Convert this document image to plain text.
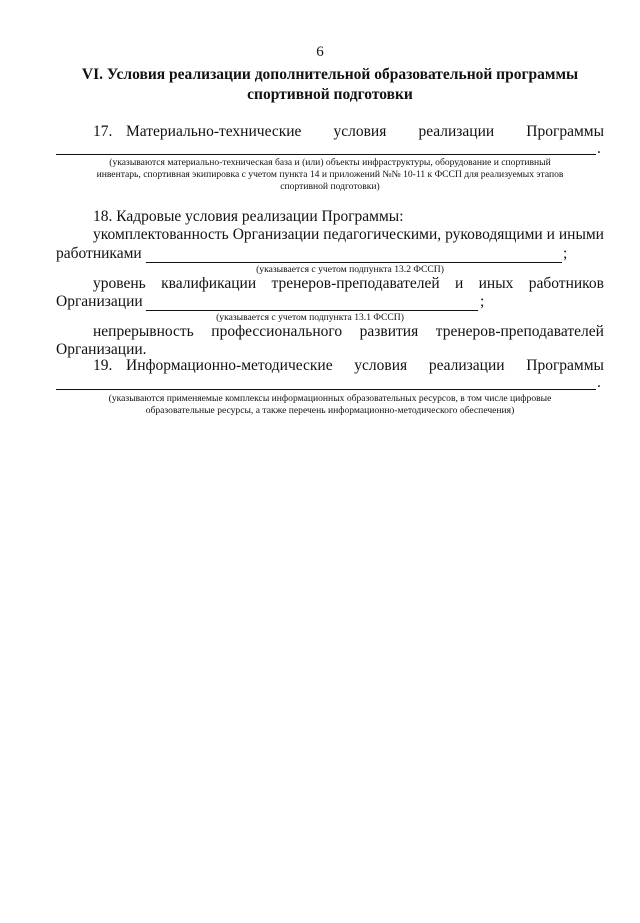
6
VI. Условия реализации дополнительной образовательной программы
спортивной подготовки
17. Материально-технические условия реализации Программы
.
(указываются материально-техническая база и (или) объекты инфраструктуры, оборудование и спортивный
инвентарь, спортивная экипировка с учетом пункта 14 и приложений №№ 10-11 к ФССП для реализуемых этапов
спортивной подготовки)
18. Кадровые условия реализации Программы:
укомплектованность Организации педагогическими, руководящими и иными
работниками	;
(указывается с учетом подпункта 13.2 ФССП)
уровень квалификации тренеров-преподавателей и иных работников
Организации	;
(указывается с учетом подпункта 13.1 ФССП)
непрерывность профессионального развития тренеров-преподавателей
Организации.
19. Информационно-методические условия реализации Программы
.
(указываются применяемые комплексы информационных образовательных ресурсов, в том числе цифровые
образовательные ресурсы, а также перечень информационно-методического обеспечения)
